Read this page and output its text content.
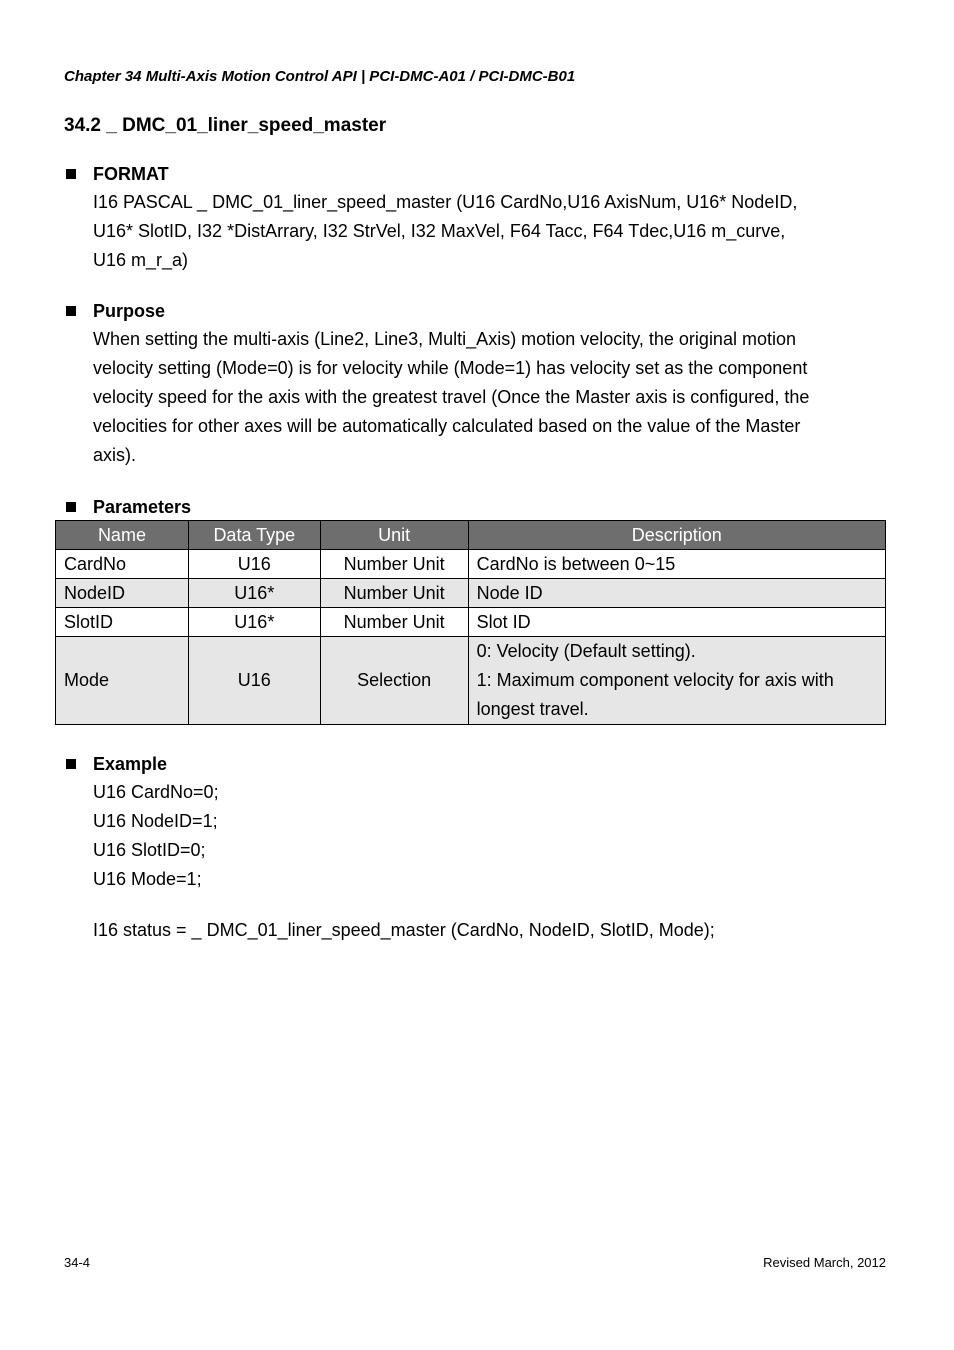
Chapter 34 Multi-Axis Motion Control API | PCI-DMC-A01 / PCI-DMC-B01
34.2 _ DMC_01_liner_speed_master
FORMAT

I16 PASCAL _ DMC_01_liner_speed_master (U16 CardNo,U16 AxisNum, U16* NodeID,

U16* SlotID, I32 *DistArrary, I32 StrVel, I32 MaxVel, F64 Tacc, F64 Tdec,U16 m_curve,

U16 m_r_a)

Purpose

When setting the multi-axis (Line2, Line3, Multi_Axis) motion velocity, the original motion

velocity setting (Mode=0) is for velocity while (Mode=1) has velocity set as the component

velocity speed for the axis with the greatest travel (Once the Master axis is configured, the

velocities for other axes will be automatically calculated based on the value of the Master

axis).

Parameters
Name	Data Type	Unit	Description
CardNo	U16	Number Unit	CardNo is between 0~15
NodeID	U16*	Number Unit	Node ID
SlotID	U16*	Number Unit	Slot ID
Mode	U16	Selection	0: Velocity (Default setting).
1: Maximum component velocity for axis with
longest travel.
Example
U16 CardNo=0;
U16 NodeID=1;
U16 SlotID=0;
U16 Mode=1;
I16 status = _ DMC_01_liner_speed_master (CardNo, NodeID, SlotID, Mode);
34-4	Revised March, 2012
